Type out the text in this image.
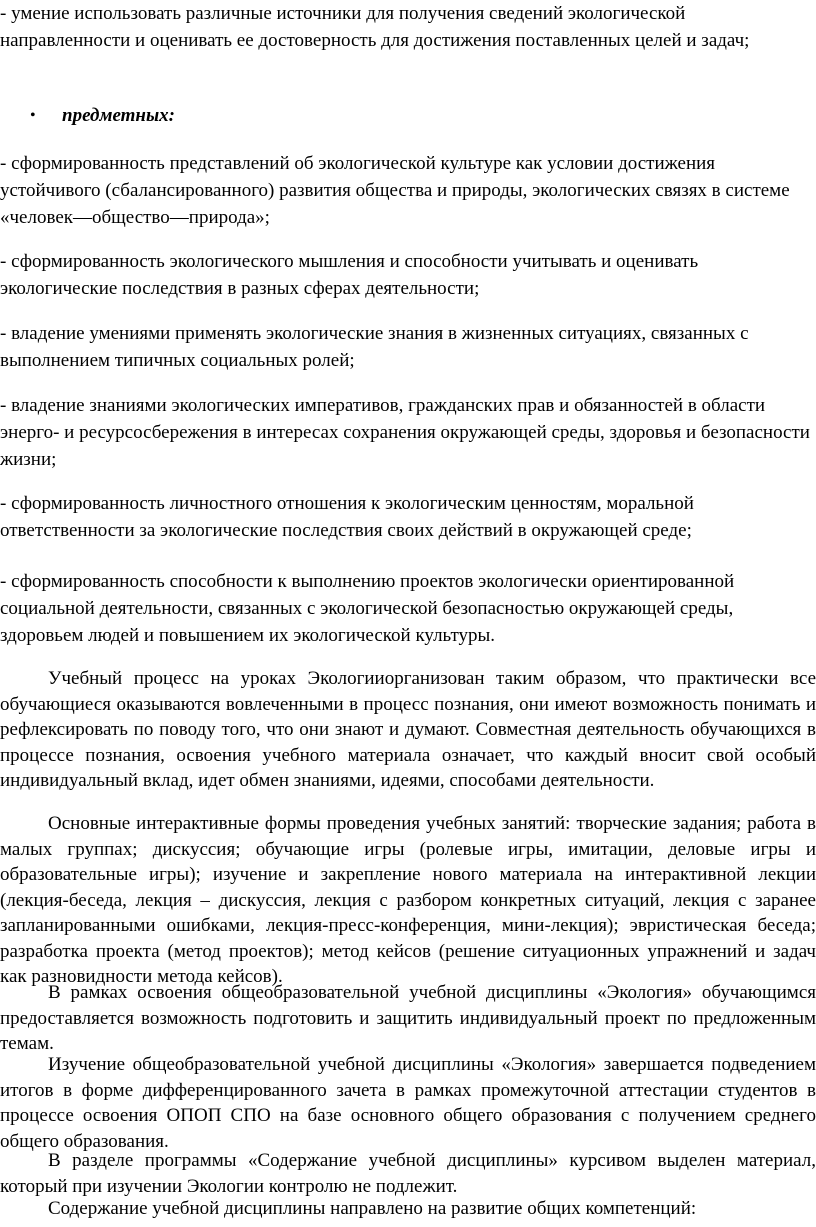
- умение использовать различные источники для получения сведений экологической направленности и оценивать ее достоверность для достижения поставленных целей и задач;

• предметных:

- сформированность представлений об экологической культуре как условии достижения устойчивого (сбалансированного) развития общества и природы, экологических связях в системе «человек—общество—природа»;

- сформированность экологического мышления и способности учитывать и оценивать экологические последствия в разных сферах деятельности;

- владение умениями применять экологические знания в жизненных ситуациях, связанных с выполнением типичных социальных ролей;

- владение знаниями экологических императивов, гражданских прав и обязанностей в области энерго- и ресурсосбережения в интересах сохранения окружающей среды, здоровья и безопасности жизни;

- сформированность личностного отношения к экологическим ценностям, моральной ответственности за экологические последствия своих действий в окружающей среде;

- сформированность способности к выполнению проектов экологически ориентированной социальной деятельности, связанных с экологической безопасностью окружающей среды, здоровьем людей и повышением их экологической культуры.

Учебный процесс на уроках Экологииорганизован таким образом, что практически все обучающиеся оказываются вовлеченными в процесс познания, они имеют возможность понимать и рефлексировать по поводу того, что они знают и думают. Совместная деятельность обучающихся в процессе познания, освоения учебного материала означает, что каждый вносит свой особый индивидуальный вклад, идет обмен знаниями, идеями, способами деятельности.

Основные интерактивные формы проведения учебных занятий: творческие задания; работа в малых группах; дискуссия; обучающие игры (ролевые игры, имитации, деловые игры и образовательные игры); изучение и закрепление нового материала на интерактивной лекции (лекция-беседа, лекция – дискуссия, лекция с разбором конкретных ситуаций, лекция с заранее запланированными ошибками, лекция-пресс-конференция, мини-лекция); эвристическая беседа; разработка проекта (метод проектов); метод кейсов (решение ситуационных упражнений и задач как разновидности метода кейсов).

В рамках освоения общеобразовательной учебной дисциплины «Экология» обучающимся предоставляется возможность подготовить и защитить индивидуальный проект по предложенным темам.

Изучение общеобразовательной учебной дисциплины «Экология» завершается подведением итогов в форме дифференцированного зачета в рамках промежуточной аттестации студентов в процессе освоения ОПОП СПО на базе основного общего образования с получением среднего общего образования.

В разделе программы «Содержание учебной дисциплины» курсивом выделен материал, который при изучении Экологии контролю не подлежит.

Содержание учебной дисциплины направлено на развитие общих компетенций:
